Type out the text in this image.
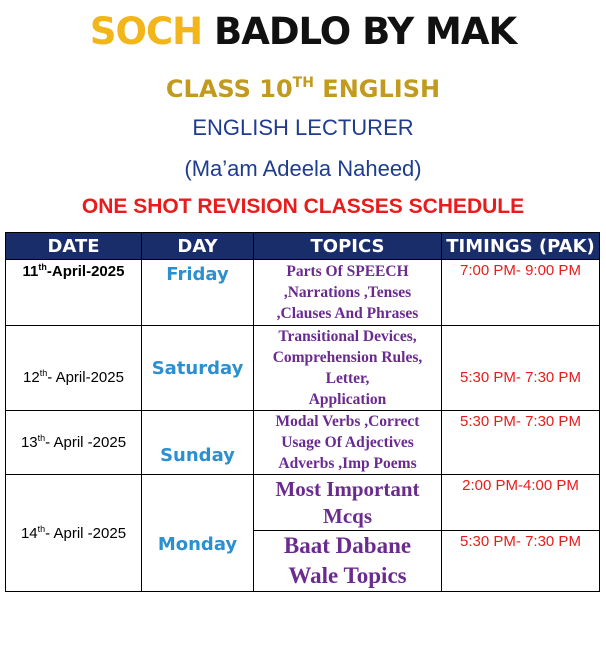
SOCH BADLO BY MAK
CLASS 10TH ENGLISH
ENGLISH LECTURER
(Ma’am Adeela Naheed)
ONE SHOT REVISION CLASSES SCHEDULE
DATE	DAY	TOPICS	TIMINGS (PAK)
11th-April-2025	Friday	Parts Of SPEECH
,Narrations ,Tenses
,Clauses And Phrases	7:00 PM- 9:00 PM
12th- April-2025	Saturday	Transitional Devices,
Comprehension Rules,
Letter,
Application	5:30 PM- 7:30 PM
13th- April -2025	Sunday	Modal Verbs ,Correct
Usage Of Adjectives
Adverbs ,Imp Poems	5:30 PM- 7:30 PM
14th- April -2025	Monday	Most Important
Mcqs	2:00 PM-4:00 PM

		Baat Dabane
Wale Topics	5:30 PM- 7:30 PM
